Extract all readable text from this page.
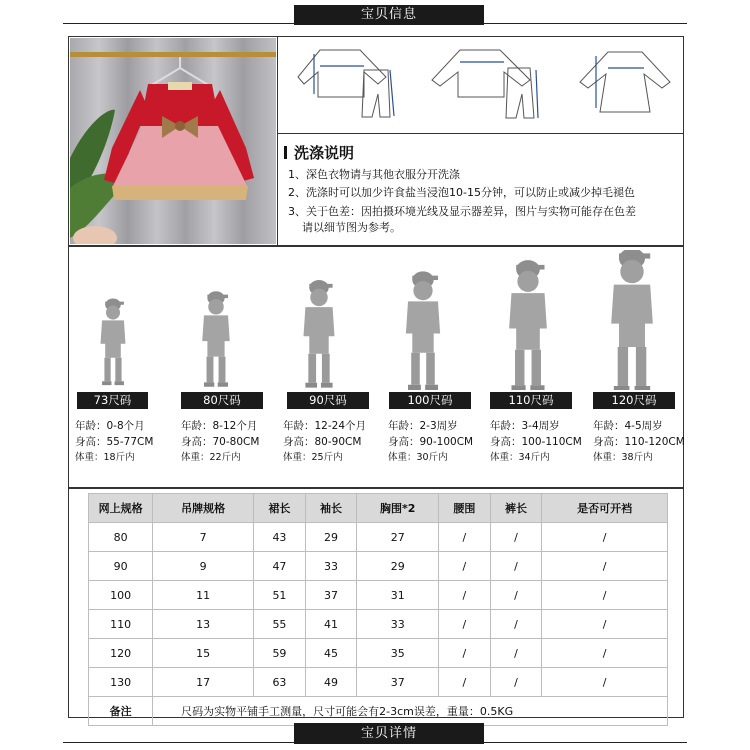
宝贝信息
洗涤说明
1、深色衣物请与其他衣服分开洗涤
2、洗涤时可以加少许食盐当浸泡10-15分钟，可以防止或减少掉毛褪色
3、关于色差：因拍摄环境光线及显示器差异，图片与实物可能存在色差
请以细节图为参考。
73尺码	80尺码	90尺码	100尺码	110尺码	120尺码
年龄：0-8个月
身高：55-77CM
体重：18斤内
年龄：8-12个月
身高：70-80CM
体重：22斤内
年龄：12-24个月
身高：80-90CM
体重：25斤内
年龄：2-3周岁
身高：90-100CM
体重：30斤内
年龄：3-4周岁
身高：100-110CM
体重：34斤内
年龄：4-5周岁
身高：110-120CM
体重：38斤内
网上规格	吊牌规格	裙长	袖长	胸围*2	腰围	裤长	是否可开裆
80	7	43	29	27	/	/	/
90	9	47	33	29	/	/	/
100	11	51	37	31	/	/	/
110	13	55	41	33	/	/	/
120	15	59	45	35	/	/	/
130	17	63	49	37	/	/	/
备注	尺码为实物平铺手工测量，尺寸可能会有2-3cm误差，重量：0.5KG						
宝贝详情
